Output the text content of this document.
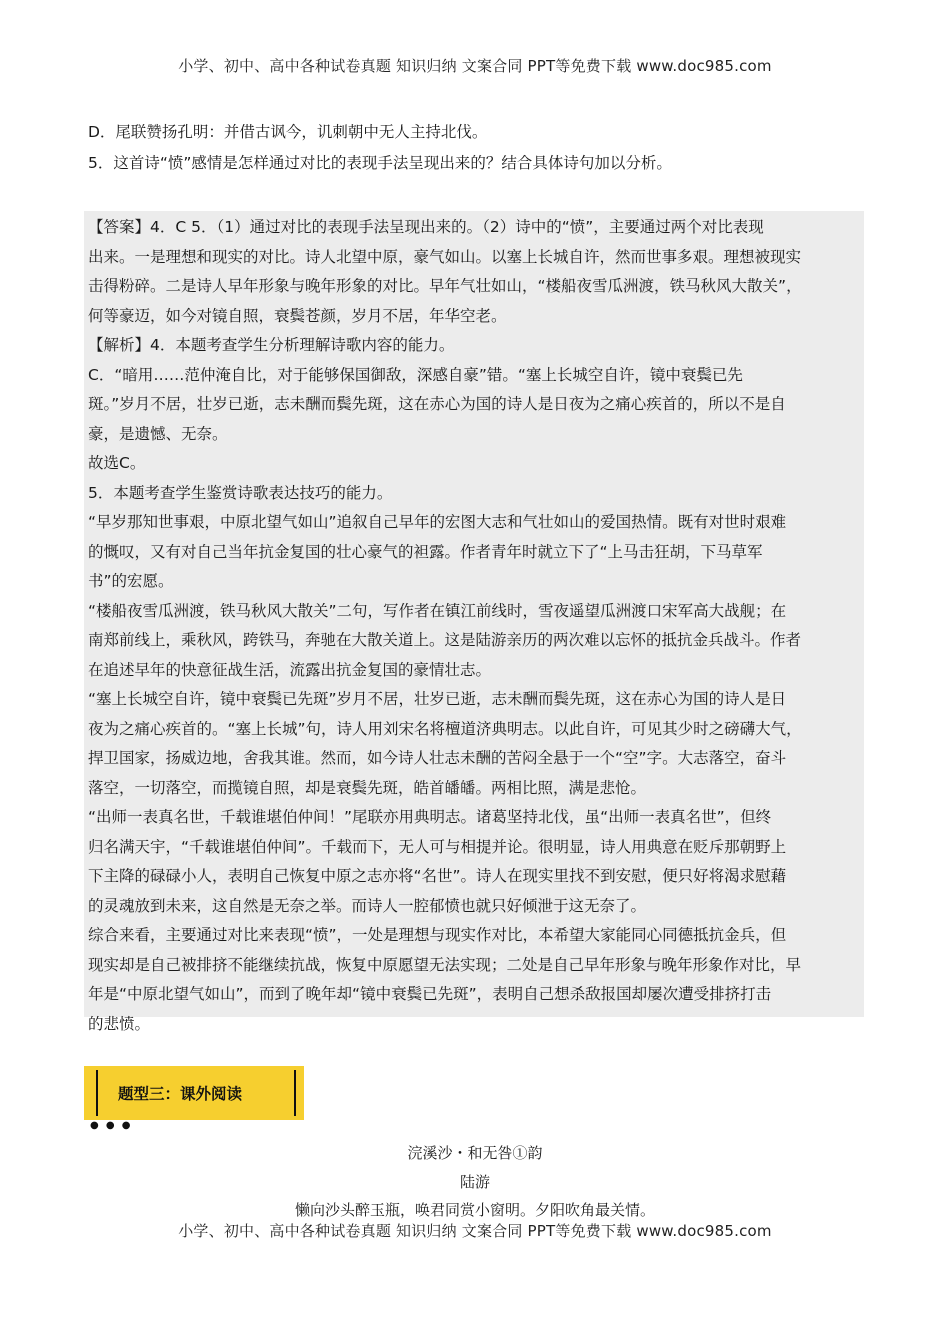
小学、初中、高中各种试卷真题 知识归纳 文案合同 PPT等免费下载 www.doc985.com
D．尾联赞扬孔明：并借古讽今，讥刺朝中无人主持北伐。
5．这首诗“愤”感情是怎样通过对比的表现手法呈现出来的？结合具体诗句加以分析。
【答案】4．C 5．（1）通过对比的表现手法呈现出来的。（2）诗中的“愤”，主要通过两个对比表现
出来。一是理想和现实的对比。诗人北望中原，豪气如山。以塞上长城自许，然而世事多艰。理想被现实
击得粉碎。二是诗人早年形象与晚年形象的对比。早年气壮如山，“楼船夜雪瓜洲渡，铁马秋风大散关”，
何等豪迈，如今对镜自照，衰鬓苍颜，岁月不居，年华空老。
【解析】4．本题考查学生分析理解诗歌内容的能力。
C．“暗用……范仲淹自比，对于能够保国御敌，深感自豪”错。“塞上长城空自许，镜中衰鬓已先
斑。”岁月不居，壮岁已逝，志未酬而鬓先斑，这在赤心为国的诗人是日夜为之痛心疾首的，所以不是自
豪，是遗憾、无奈。
故选C。
5．本题考查学生鉴赏诗歌表达技巧的能力。
“早岁那知世事艰，中原北望气如山”追叙自己早年的宏图大志和气壮如山的爱国热情。既有对世时艰难
的慨叹，又有对自己当年抗金复国的壮心豪气的袒露。作者青年时就立下了“上马击狂胡，下马草军
书”的宏愿。
“楼船夜雪瓜洲渡，铁马秋风大散关”二句，写作者在镇江前线时，雪夜遥望瓜洲渡口宋军高大战舰；在
南郑前线上，乘秋风，跨铁马，奔驰在大散关道上。这是陆游亲历的两次难以忘怀的抵抗金兵战斗。作者
在追述早年的快意征战生活，流露出抗金复国的豪情壮志。
“塞上长城空自许，镜中衰鬓已先斑”岁月不居，壮岁已逝，志未酬而鬓先斑，这在赤心为国的诗人是日
夜为之痛心疾首的。“塞上长城”句，诗人用刘宋名将檀道济典明志。以此自许，可见其少时之磅礴大气，
捍卫国家，扬威边地，舍我其谁。然而，如今诗人壮志未酬的苦闷全悬于一个“空”字。大志落空，奋斗
落空，一切落空，而揽镜自照，却是衰鬓先斑，皓首皤皤。两相比照，满是悲怆。
“出师一表真名世，千载谁堪伯仲间！”尾联亦用典明志。诸葛坚持北伐，虽“出师一表真名世”，但终
归名满天宇，“千载谁堪伯仲间”。千载而下，无人可与相提并论。很明显，诗人用典意在贬斥那朝野上
下主降的碌碌小人，表明自己恢复中原之志亦将“名世”。诗人在现实里找不到安慰，便只好将渴求慰藉
的灵魂放到未来，这自然是无奈之举。而诗人一腔郁愤也就只好倾泄于这无奈了。
综合来看，主要通过对比来表现“愤”，一处是理想与现实作对比，本希望大家能同心同德抵抗金兵，但
现实却是自己被排挤不能继续抗战，恢复中原愿望无法实现；二处是自己早年形象与晚年形象作对比，早
年是“中原北望气如山”，而到了晚年却“镜中衰鬓已先斑”，表明自己想杀敌报国却屡次遭受排挤打击
的悲愤。
题型三：课外阅读
● ● ●
浣溪沙・和无咎①韵
陆游
懒向沙头醉玉瓶，唤君同赏小窗明。夕阳吹角最关情。
小学、初中、高中各种试卷真题 知识归纳 文案合同 PPT等免费下载 www.doc985.com
